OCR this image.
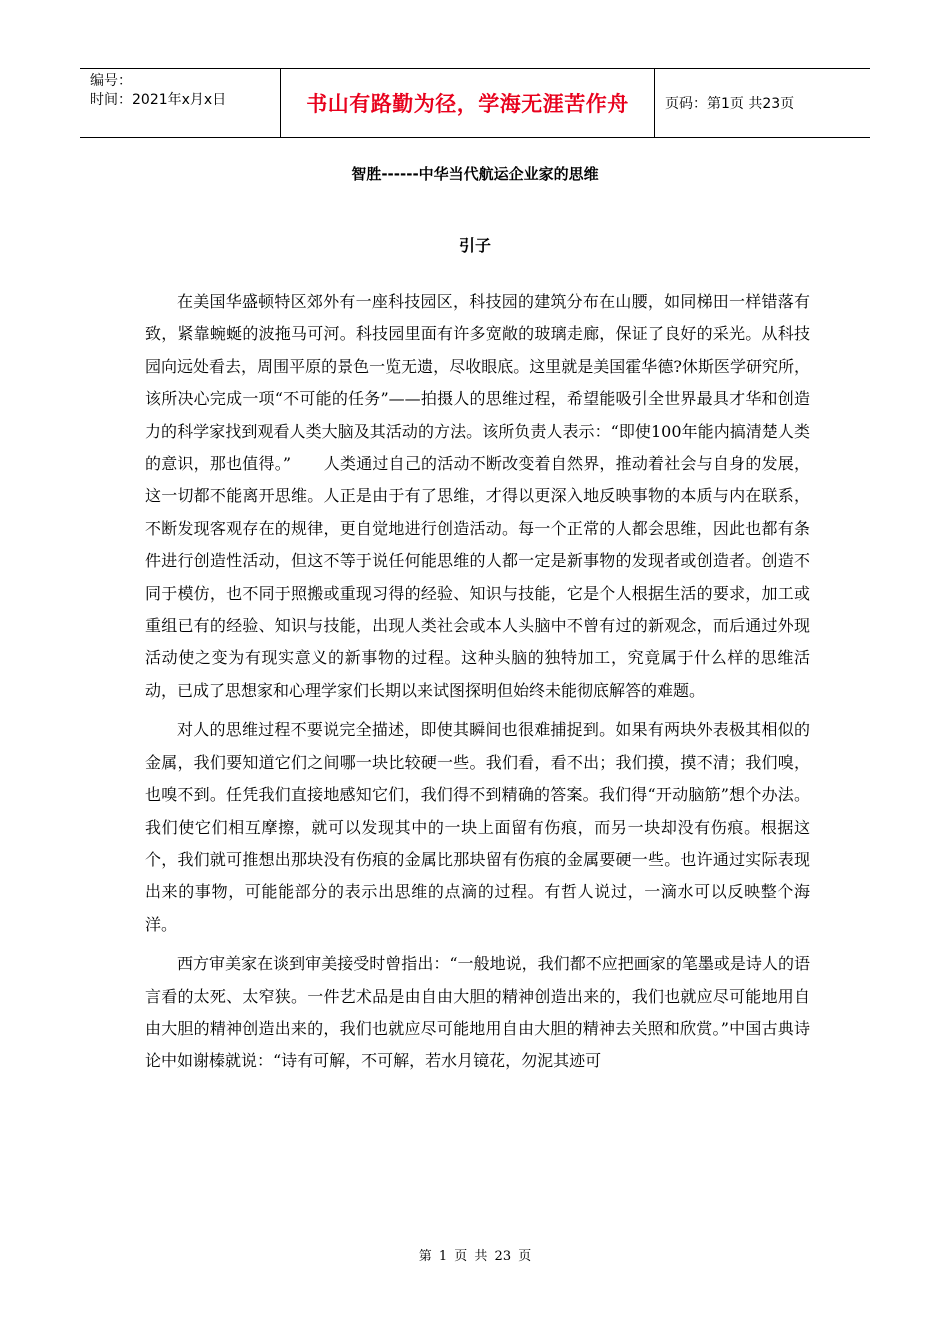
编号：
时间：2021年x月x日	书山有路勤为径，学海无涯苦作舟	页码：第1页 共23页
智胜------中华当代航运企业家的思维
引子

在美国华盛顿特区郊外有一座科技园区，科技园的建筑分布在山腰，如同梯田一样错落有致，紧靠蜿蜒的波拖马可河。科技园里面有许多宽敞的玻璃走廊，保证了良好的采光。从科技园向远处看去，周围平原的景色一览无遗，尽收眼底。这里就是美国霍华德?休斯医学研究所，该所决心完成一项“不可能的任务”——拍摄人的思维过程，希望能吸引全世界最具才华和创造力的科学家找到观看人类大脑及其活动的方法。该所负责人表示：“即使100年能内搞清楚人类的意识，那也值得。”　　人类通过自己的活动不断改变着自然界，推动着社会与自身的发展，这一切都不能离开思维。人正是由于有了思维，才得以更深入地反映事物的本质与内在联系，不断发现客观存在的规律，更自觉地进行创造活动。每一个正常的人都会思维，因此也都有条件进行创造性活动，但这不等于说任何能思维的人都一定是新事物的发现者或创造者。创造不同于模仿，也不同于照搬或重现习得的经验、知识与技能，它是个人根据生活的要求，加工或重组已有的经验、知识与技能，出现人类社会或本人头脑中不曾有过的新观念，而后通过外现活动使之变为有现实意义的新事物的过程。这种头脑的独特加工，究竟属于什么样的思维活动，已成了思想家和心理学家们长期以来试图探明但始终未能彻底解答的难题。

对人的思维过程不要说完全描述，即使其瞬间也很难捕捉到。如果有两块外表极其相似的金属，我们要知道它们之间哪一块比较硬一些。我们看，看不出；我们摸，摸不清；我们嗅，也嗅不到。任凭我们直接地感知它们，我们得不到精确的答案。我们得“开动脑筋”想个办法。我们使它们相互摩擦，就可以发现其中的一块上面留有伤痕，而另一块却没有伤痕。根据这个，我们就可推想出那块没有伤痕的金属比那块留有伤痕的金属要硬一些。也许通过实际表现出来的事物，可能能部分的表示出思维的点滴的过程。有哲人说过，一滴水可以反映整个海洋。

西方审美家在谈到审美接受时曾指出：“一般地说，我们都不应把画家的笔墨或是诗人的语言看的太死、太窄狭。一件艺术品是由自由大胆的精神创造出来的，我们也就应尽可能地用自由大胆的精神创造出来的，我们也就应尽可能地用自由大胆的精神去关照和欣赏。”中国古典诗论中如谢榛就说：“诗有可解，不可解，若水月镜花，勿泥其迹可

第 1 页 共 23 页
